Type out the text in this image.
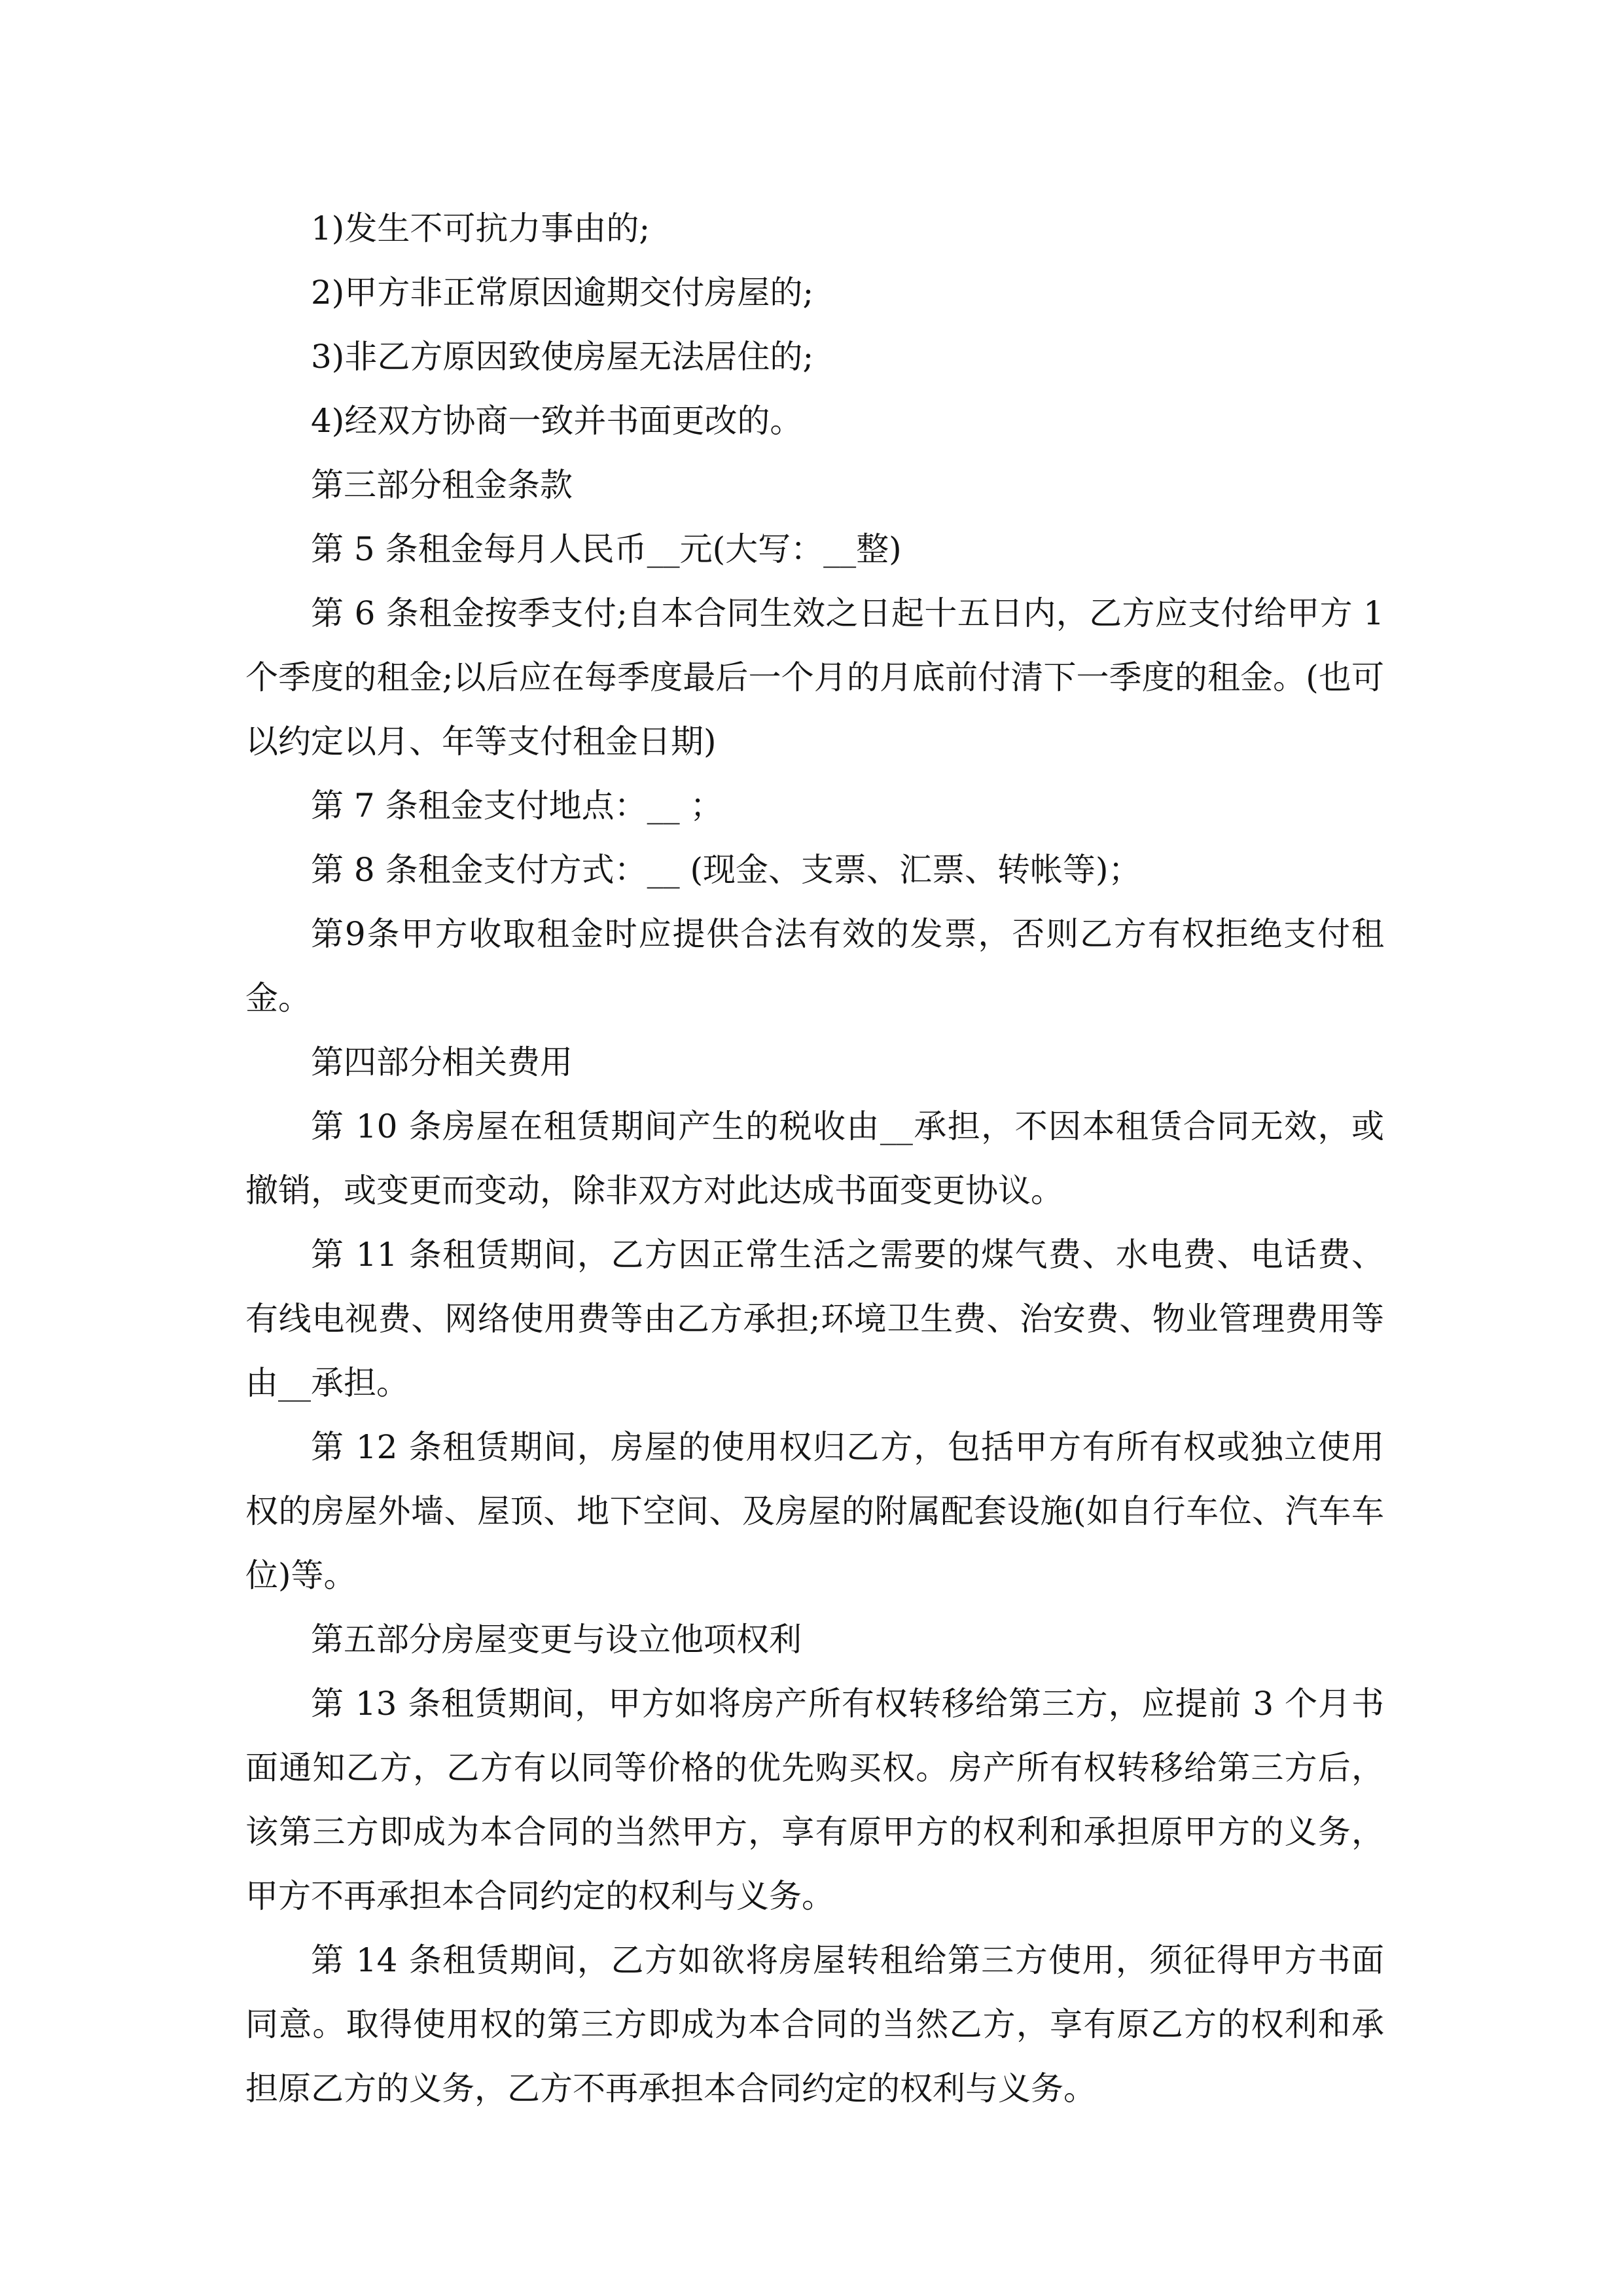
1)发生不可抗力事由的;

2)甲方非正常原因逾期交付房屋的;

3)非乙方原因致使房屋无法居住的;

4)经双方协商一致并书面更改的。

第三部分租金条款

第 5 条租金每月人民币__元(大写：__整)

第 6 条租金按季支付;自本合同生效之日起十五日内，乙方应支付给甲方 1 个季度的租金;以后应在每季度最后一个月的月底前付清下一季度的租金。(也可以约定以月、年等支付租金日期)

第 7 条租金支付地点：__ ；

第 8 条租金支付方式：__ (现金、支票、汇票、转帐等)；

第9条甲方收取租金时应提供合法有效的发票，否则乙方有权拒绝支付租金。

第四部分相关费用

第 10 条房屋在租赁期间产生的税收由__承担，不因本租赁合同无效，或撤销，或变更而变动，除非双方对此达成书面变更协议。

第 11 条租赁期间，乙方因正常生活之需要的煤气费、水电费、电话费、有线电视费、网络使用费等由乙方承担;环境卫生费、治安费、物业管理费用等由__承担。

第 12 条租赁期间，房屋的使用权归乙方，包括甲方有所有权或独立使用权的房屋外墙、屋顶、地下空间、及房屋的附属配套设施(如自行车位、汽车车位)等。

第五部分房屋变更与设立他项权利

第 13 条租赁期间，甲方如将房产所有权转移给第三方，应提前 3 个月书面通知乙方，乙方有以同等价格的优先购买权。房产所有权转移给第三方后，该第三方即成为本合同的当然甲方，享有原甲方的权利和承担原甲方的义务，甲方不再承担本合同约定的权利与义务。

第 14 条租赁期间，乙方如欲将房屋转租给第三方使用，须征得甲方书面同意。取得使用权的第三方即成为本合同的当然乙方，享有原乙方的权利和承担原乙方的义务，乙方不再承担本合同约定的权利与义务。
